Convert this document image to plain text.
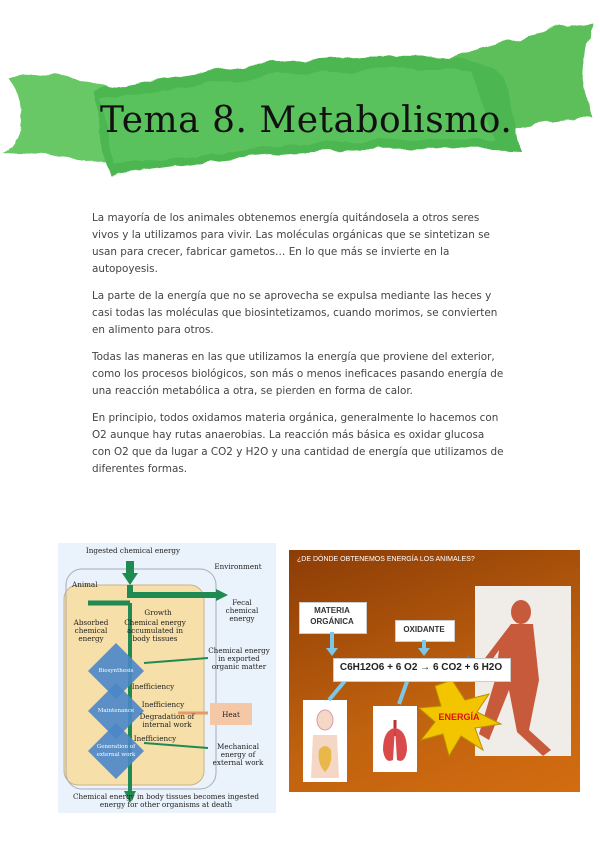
Tema 8. Metabolismo.

La mayoría de los animales obtenemos energía quitándosela a otros seres vivos y la utilizamos para vivir. Las moléculas orgánicas que se sintetizan se usan para crecer, fabricar gametos… En lo que más se invierte en la autopoyesis.

La parte de la energía que no se aprovecha se expulsa mediante las heces y casi todas las moléculas que biosintetizamos, cuando morimos, se convierten en alimento para otros.

Todas las maneras en las que utilizamos la energía que proviene del exterior, como los procesos biológicos, son más o menos ineficaces pasando energía de una reacción metabólica a otra, se pierden en forma de calor.

En principio, todos oxidamos materia orgánica, generalmente lo hacemos con O2 aunque hay rutas anaerobias. La reacción más básica es oxidar glucosa con O2 que da lugar a CO2 y H2O y una cantidad de energía que utilizamos de diferentes formas.

Ingested chemical energy
Environment
Animal
Absorbed chemical energy
Growth
Chemical energy accumulated in body tissues
Fecal chemical energy
Chemical energy in exported organic matter
Biosynthesis
Maintenance
Generation of external work
Inefficiency
Inefficiency
Degradation of internal work
Inefficiency
Heat
Mechanical energy of external work
Chemical energy in body tissues becomes ingested energy for other organisms at death
¿DE DÓNDE OBTENEMOS ENERGÍA LOS ANIMALES?
MATERIA
ORGÁNICA
OXIDANTE
C6H12O6 + 6 O2 → 6 CO2 + 6 H2O
ENERGÍA
